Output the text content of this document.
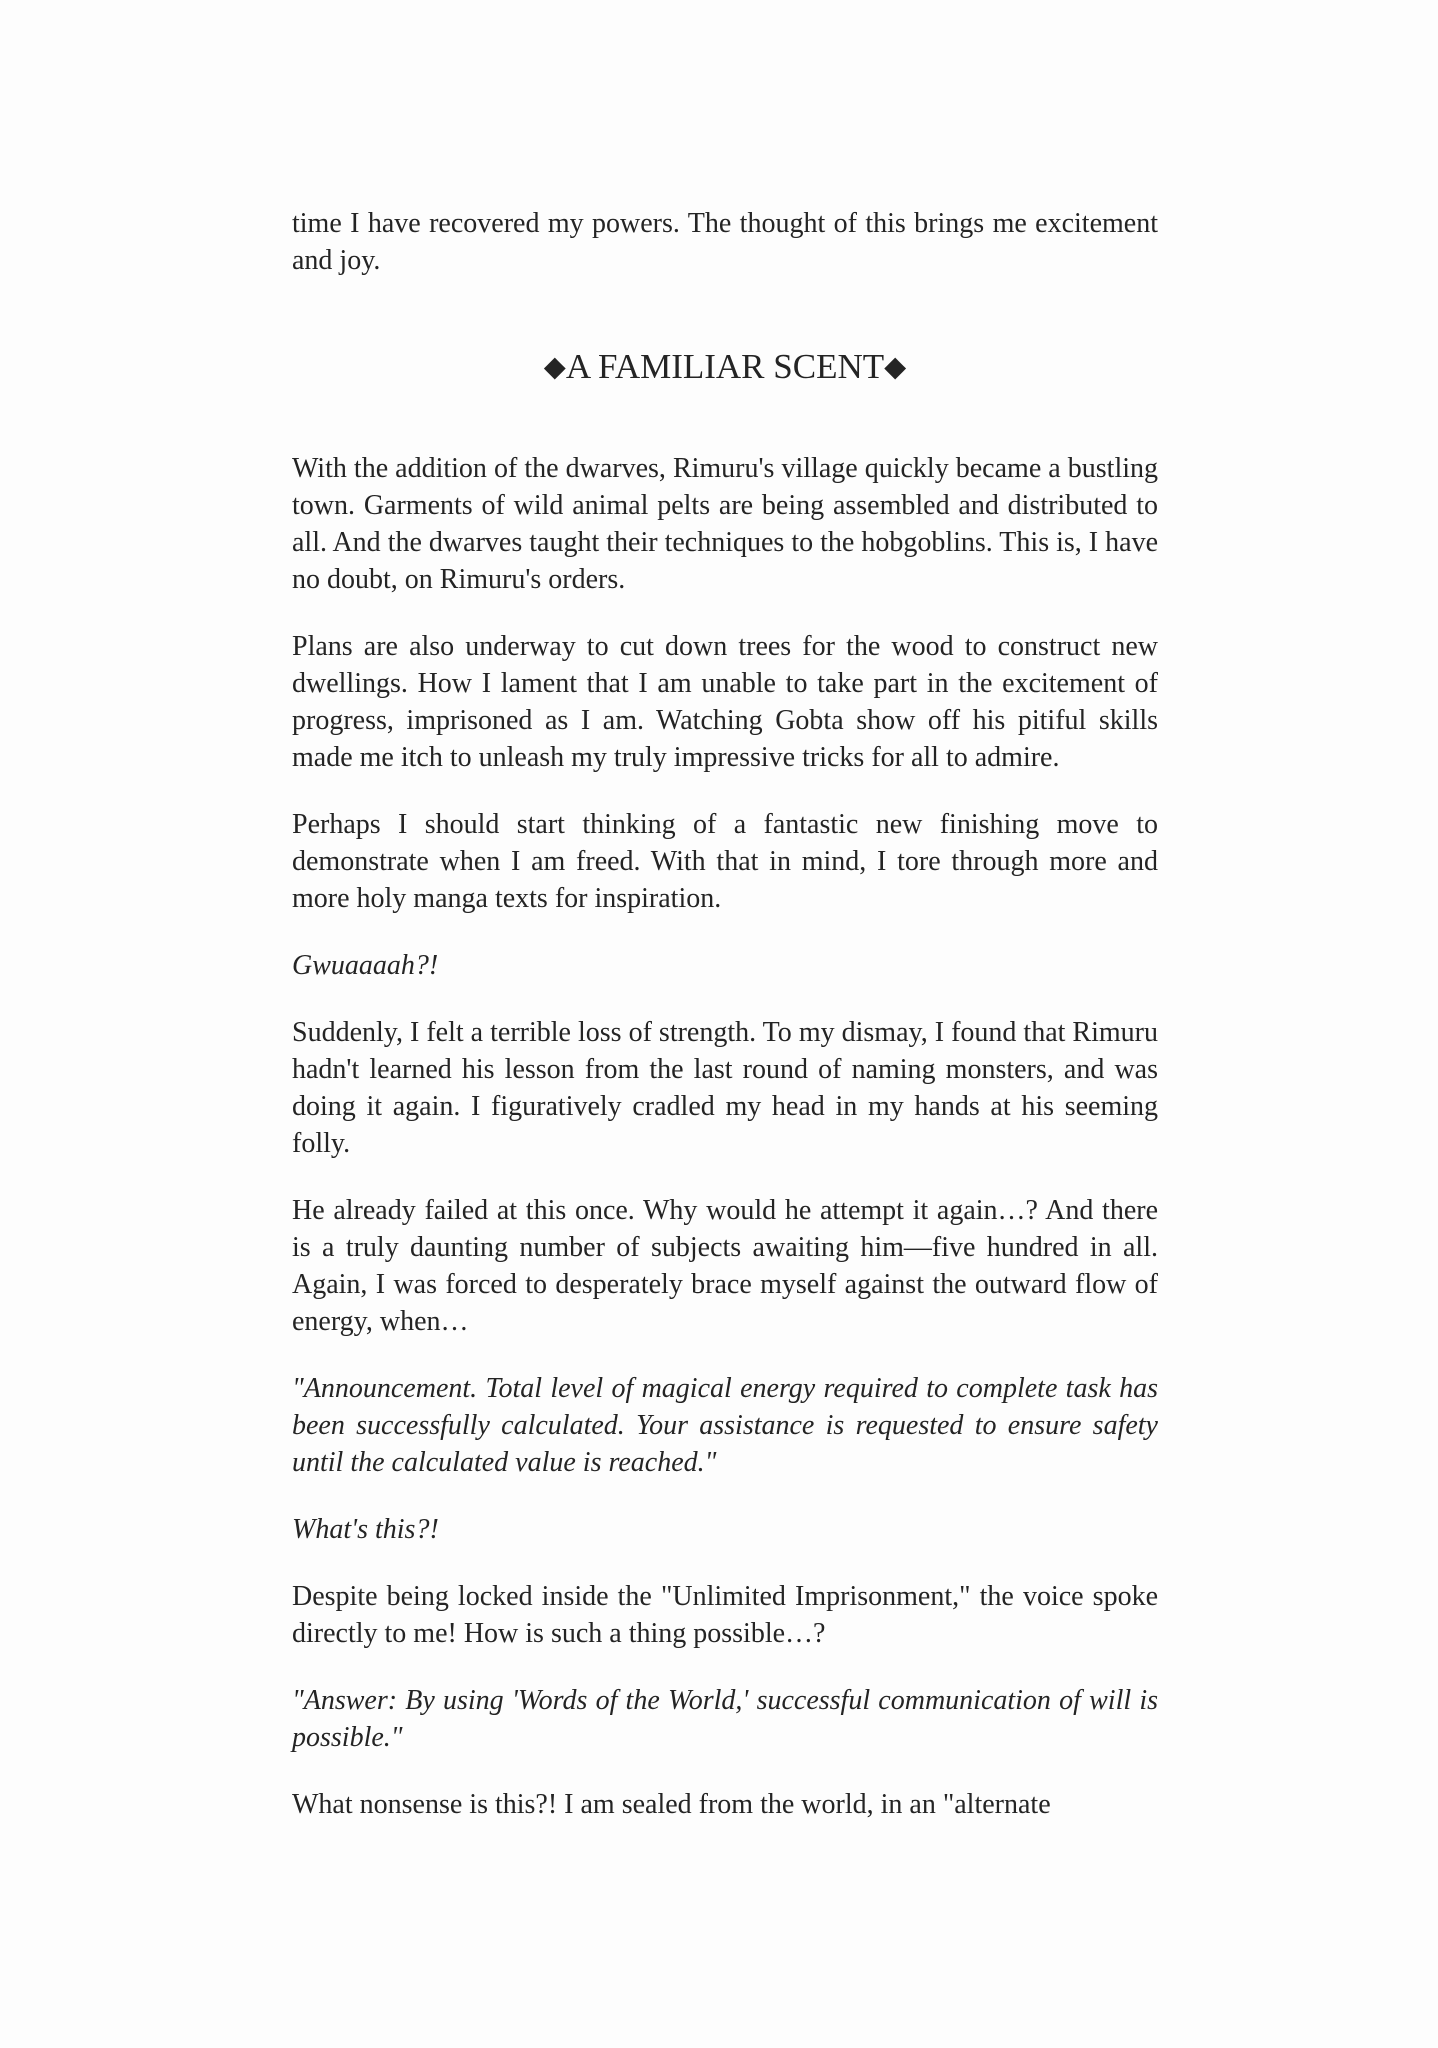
time I have recovered my powers. The thought of this brings me excitement and joy.

◆A FAMILIAR SCENT◆

With the addition of the dwarves, Rimuru's village quickly became a bustling town. Garments of wild animal pelts are being assembled and distributed to all. And the dwarves taught their techniques to the hobgoblins. This is, I have no doubt, on Rimuru's orders.

Plans are also underway to cut down trees for the wood to construct new dwellings. How I lament that I am unable to take part in the excitement of progress, imprisoned as I am. Watching Gobta show off his pitiful skills made me itch to unleash my truly impressive tricks for all to admire.

Perhaps I should start thinking of a fantastic new finishing move to demonstrate when I am freed. With that in mind, I tore through more and more holy manga texts for inspiration.

Gwuaaaah?!

Suddenly, I felt a terrible loss of strength. To my dismay, I found that Rimuru hadn't learned his lesson from the last round of naming monsters, and was doing it again. I figuratively cradled my head in my hands at his seeming folly.

He already failed at this once. Why would he attempt it again…? And there is a truly daunting number of subjects awaiting him—five hundred in all. Again, I was forced to desperately brace myself against the outward flow of energy, when…

"Announcement. Total level of magical energy required to complete task has been successfully calculated. Your assistance is requested to ensure safety until the calculated value is reached."

What's this?!

Despite being locked inside the "Unlimited Imprisonment," the voice spoke directly to me! How is such a thing possible…?

"Answer: By using 'Words of the World,' successful communication of will is possible."

What nonsense is this?! I am sealed from the world, in an "alternate
